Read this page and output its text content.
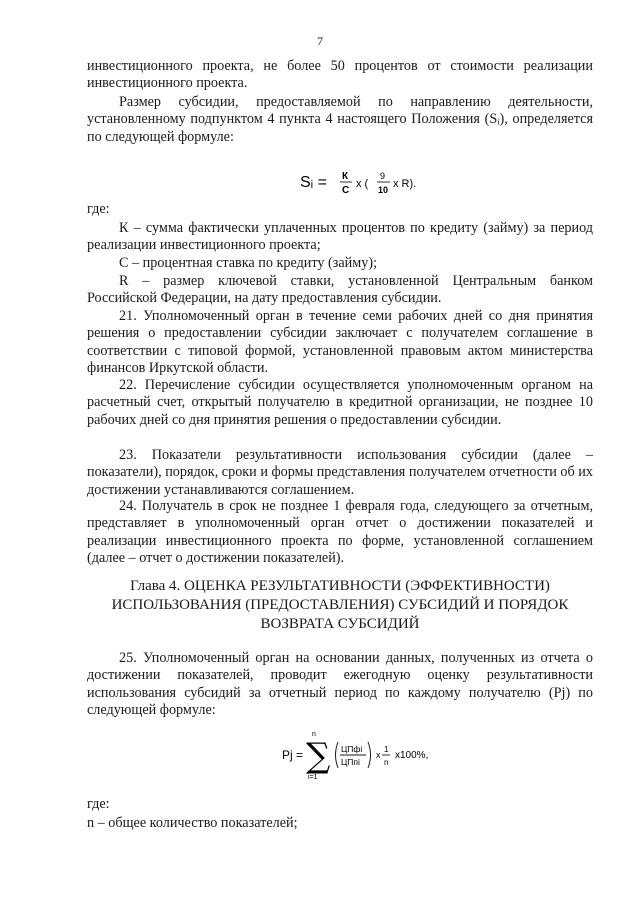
7
инвестиционного проекта, не более 50 процентов от стоимости реализации инвестиционного проекта.
Размер субсидии, предоставляемой по направлению деятельности, установленному подпунктом 4 пункта 4 настоящего Положения (Sᵢ), определяется по следующей формуле:
Sᵢ = К
С
x (
9
10 x R).
где:
К – сумма фактически уплаченных процентов по кредиту (займу) за период реализации инвестиционного проекта;
С – процентная ставка по кредиту (займу);
R – размер ключевой ставки, установленной Центральным банком Российской Федерации, на дату предоставления субсидии.
21. Уполномоченный орган в течение семи рабочих дней со дня принятия решения о предоставлении субсидии заключает с получателем соглашение в соответствии с типовой формой, установленной правовым актом министерства финансов Иркутской области.
22. Перечисление субсидии осуществляется уполномоченным органом на расчетный счет, открытый получателю в кредитной организации, не позднее 10 рабочих дней со дня принятия решения о предоставлении субсидии.
23. Показатели результативности использования субсидии (далее – показатели), порядок, сроки и формы представления получателем отчетности об их достижении устанавливаются соглашением.
24. Получатель в срок не позднее 1 февраля года, следующего за отчетным, представляет в уполномоченный орган отчет о достижении показателей и реализации инвестиционного проекта по форме, установленной соглашением (далее – отчет о достижении показателей).
Глава 4. ОЦЕНКА РЕЗУЛЬТАТИВНОСТИ (ЭФФЕКТИВНОСТИ)
ИСПОЛЬЗОВАНИЯ (ПРЕДОСТАВЛЕНИЯ) СУБСИДИЙ И ПОРЯДОК
ВОЗВРАТА СУБСИДИЙ
25. Уполномоченный орган на основании данных, полученных из отчета о достижении показателей, проводит ежегодную оценку результативности использования субсидий за отчетный период по каждому получателю (Pj) по следующей формуле:
Pj =
n
∑
i=1
ЦПфi
ЦПпi
x
1
n
x100%,
где:
n – общее количество показателей;
